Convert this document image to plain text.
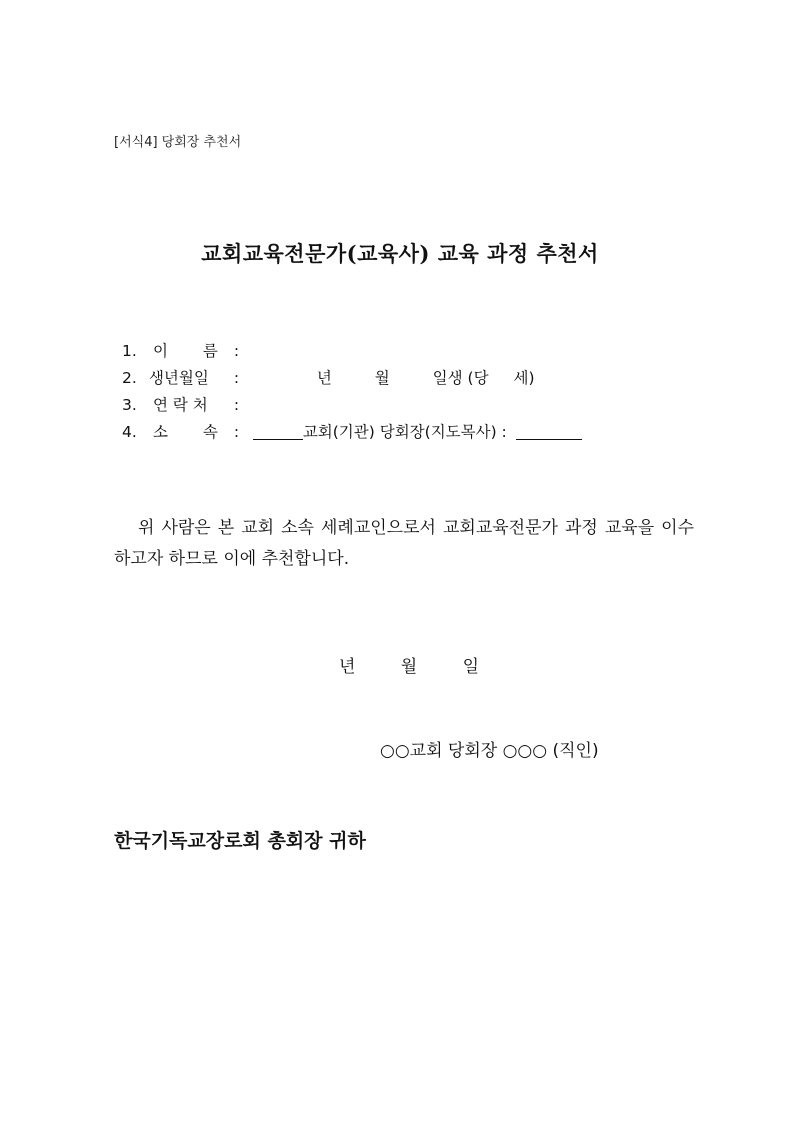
[서식4] 당회장 추천서
교회교육전문가(교육사) 교육 과정 추천서
1. 이 름 :
2. 생년월일 :	년	월	일생 (당 세)
3. 연 락 처 :
4. 소 속 :	교회(기관) 당회장(지도목사) :
위 사람은 본 교회 소속 세례교인으로서 교회교육전문가 과정 교육을 이수하고자 하므로 이에 추천합니다.
년	월	일
○○교회 당회장 ○○○ (직인)
한국기독교장로회 총회장 귀하
